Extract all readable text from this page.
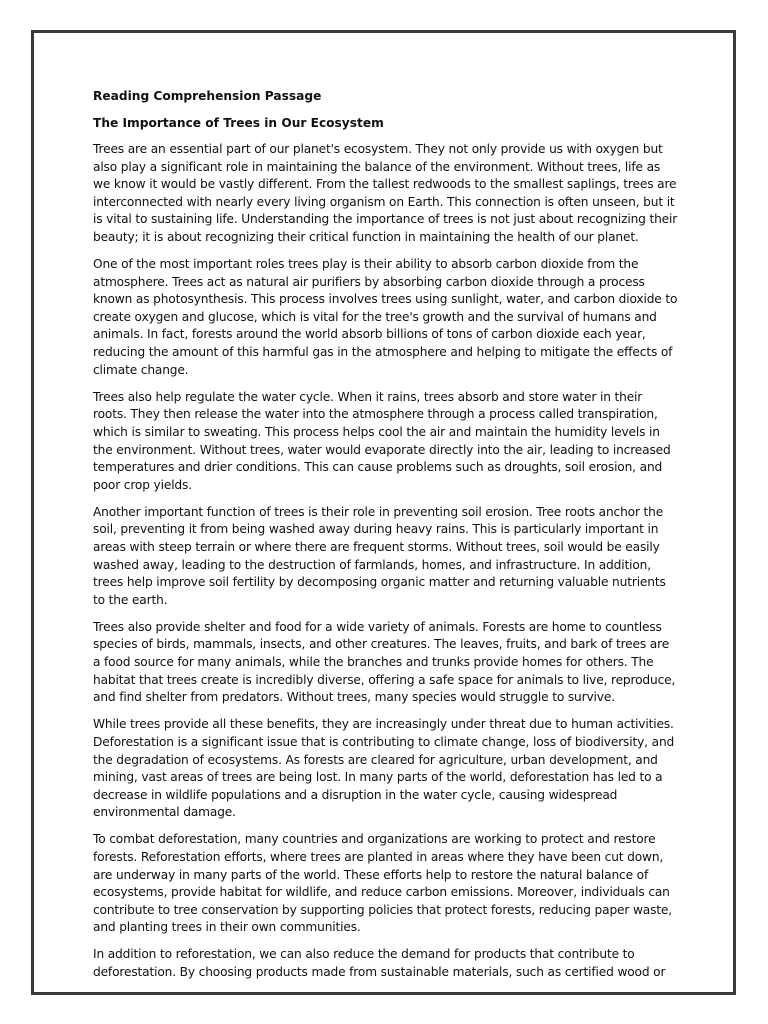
Reading Comprehension Passage
The Importance of Trees in Our Ecosystem

Trees are an essential part of our planet's ecosystem. They not only provide us with oxygen but also play a significant role in maintaining the balance of the environment. Without trees, life as we know it would be vastly different. From the tallest redwoods to the smallest saplings, trees are interconnected with nearly every living organism on Earth. This connection is often unseen, but it is vital to sustaining life. Understanding the importance of trees is not just about recognizing their beauty; it is about recognizing their critical function in maintaining the health of our planet.

One of the most important roles trees play is their ability to absorb carbon dioxide from the atmosphere. Trees act as natural air purifiers by absorbing carbon dioxide through a process known as photosynthesis. This process involves trees using sunlight, water, and carbon dioxide to create oxygen and glucose, which is vital for the tree's growth and the survival of humans and animals. In fact, forests around the world absorb billions of tons of carbon dioxide each year, reducing the amount of this harmful gas in the atmosphere and helping to mitigate the effects of climate change.

Trees also help regulate the water cycle. When it rains, trees absorb and store water in their roots. They then release the water into the atmosphere through a process called transpiration, which is similar to sweating. This process helps cool the air and maintain the humidity levels in the environment. Without trees, water would evaporate directly into the air, leading to increased temperatures and drier conditions. This can cause problems such as droughts, soil erosion, and poor crop yields.

Another important function of trees is their role in preventing soil erosion. Tree roots anchor the soil, preventing it from being washed away during heavy rains. This is particularly important in areas with steep terrain or where there are frequent storms. Without trees, soil would be easily washed away, leading to the destruction of farmlands, homes, and infrastructure. In addition, trees help improve soil fertility by decomposing organic matter and returning valuable nutrients to the earth.

Trees also provide shelter and food for a wide variety of animals. Forests are home to countless species of birds, mammals, insects, and other creatures. The leaves, fruits, and bark of trees are a food source for many animals, while the branches and trunks provide homes for others. The habitat that trees create is incredibly diverse, offering a safe space for animals to live, reproduce, and find shelter from predators. Without trees, many species would struggle to survive.

While trees provide all these benefits, they are increasingly under threat due to human activities. Deforestation is a significant issue that is contributing to climate change, loss of biodiversity, and the degradation of ecosystems. As forests are cleared for agriculture, urban development, and mining, vast areas of trees are being lost. In many parts of the world, deforestation has led to a decrease in wildlife populations and a disruption in the water cycle, causing widespread environmental damage.

To combat deforestation, many countries and organizations are working to protect and restore forests. Reforestation efforts, where trees are planted in areas where they have been cut down, are underway in many parts of the world. These efforts help to restore the natural balance of ecosystems, provide habitat for wildlife, and reduce carbon emissions. Moreover, individuals can contribute to tree conservation by supporting policies that protect forests, reducing paper waste, and planting trees in their own communities.

In addition to reforestation, we can also reduce the demand for products that contribute to deforestation. By choosing products made from sustainable materials, such as certified wood or
